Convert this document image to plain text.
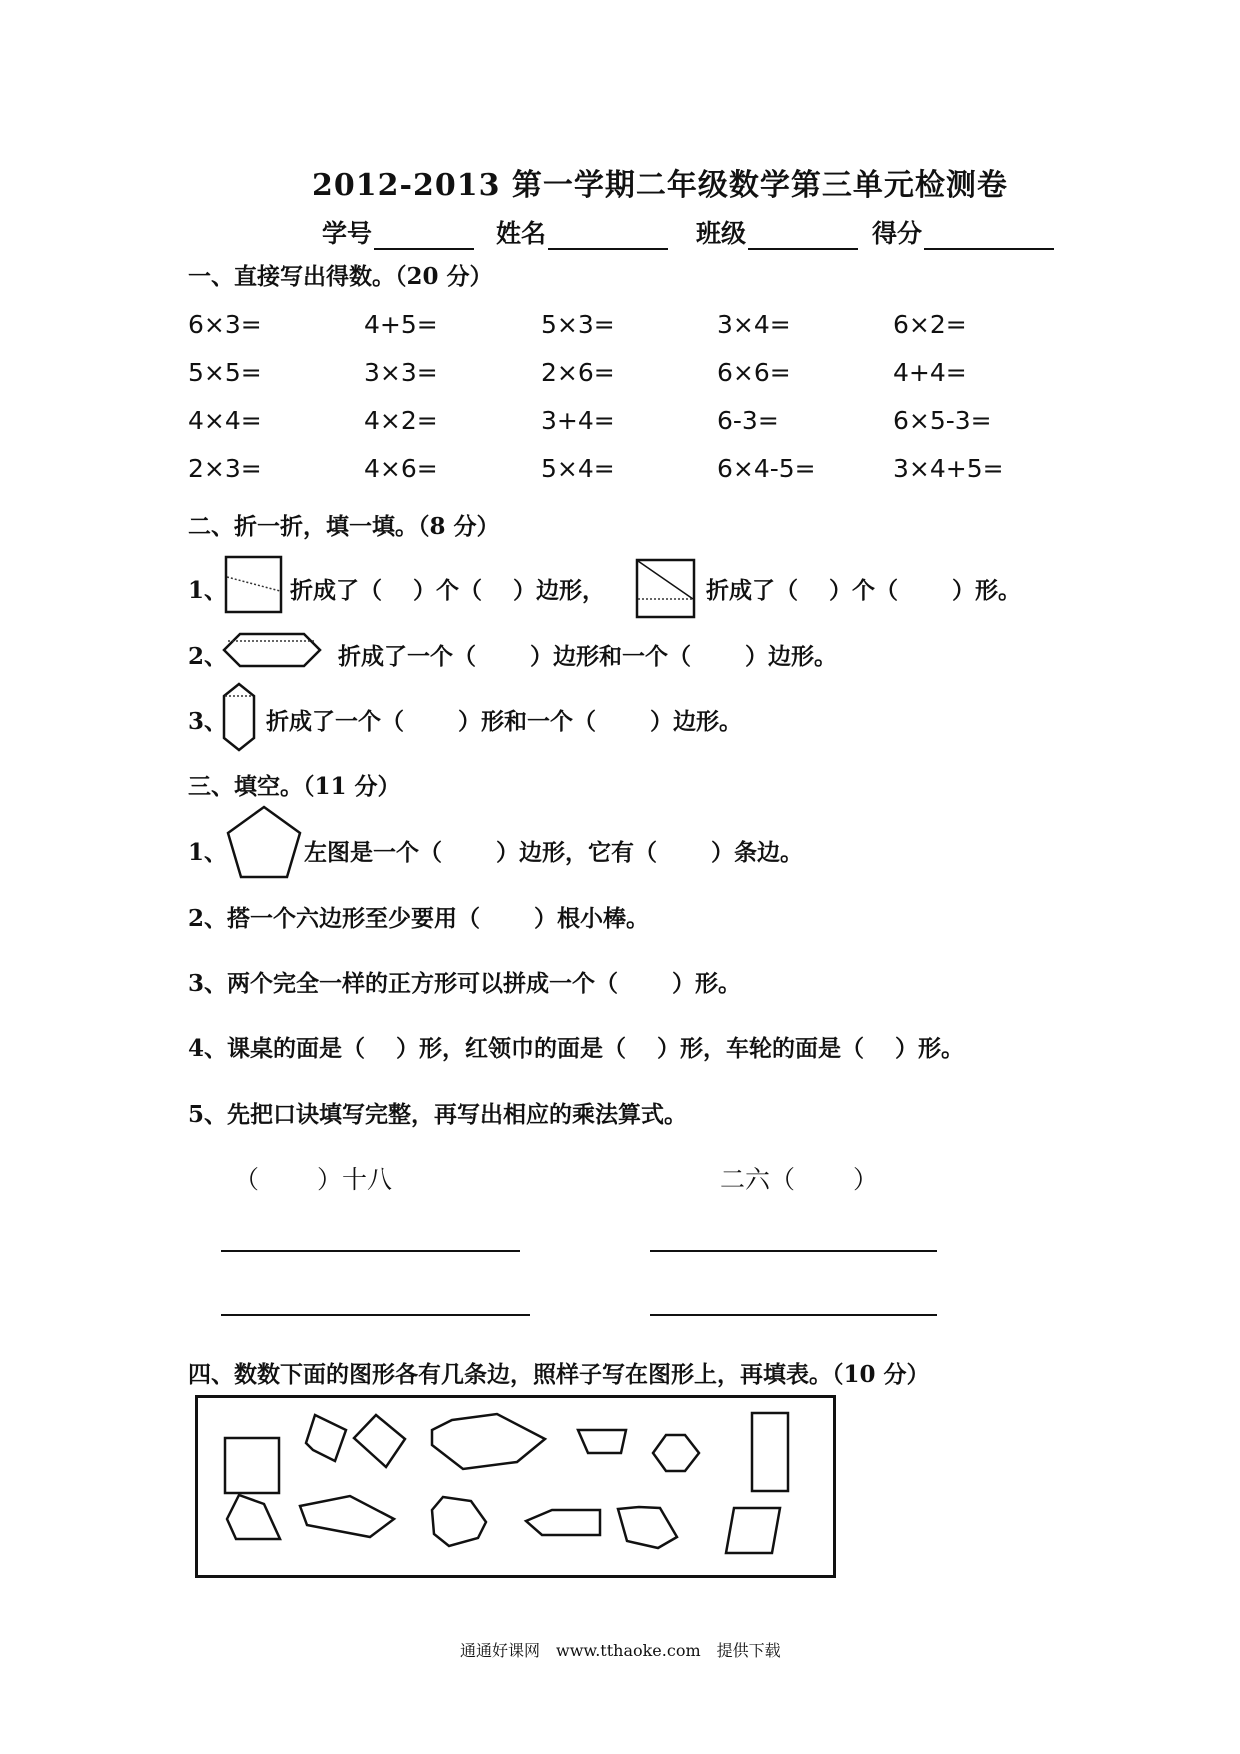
2012-2013 第一学期二年级数学第三单元检测卷
学号	姓名	班级	得分
一、直接写出得数。（20 分）
6×3=	4+5=	5×3=	3×4=	6×2=
5×5=	3×3=	2×6=	6×6=	4+4=
4×4=	4×2=	3+4=	6-3=	6×5-3=
2×3=	4×6=	5×4=	6×4-5=	3×4+5=
二、折一折，填一填。（8 分）
1、	折成了（　 ）个（　 ）边形，	折成了（　 ）个（　　 ）形。
2、	折成了一个（　　 ）边形和一个（　　 ）边形。
3、 折成了一个（　　 ）形和一个（　　 ）边形。
三、填空。（11 分）
1、	左图是一个（　　 ）边形，它有（　　 ）条边。
2、搭一个六边形至少要用（　　 ）根小棒。
3、两个完全一样的正方形可以拼成一个（　　 ）形。
4、课桌的面是（　 ）形，红领巾的面是（　 ）形，车轮的面是（　 ）形。
5、先把口诀填写完整，再写出相应的乘法算式。
（　　 ）十八	二六（　　 ）
四、数数下面的图形各有几条边，照样子写在图形上，再填表。（10 分）
通通好课网　www.tthaoke.com　提供下载
